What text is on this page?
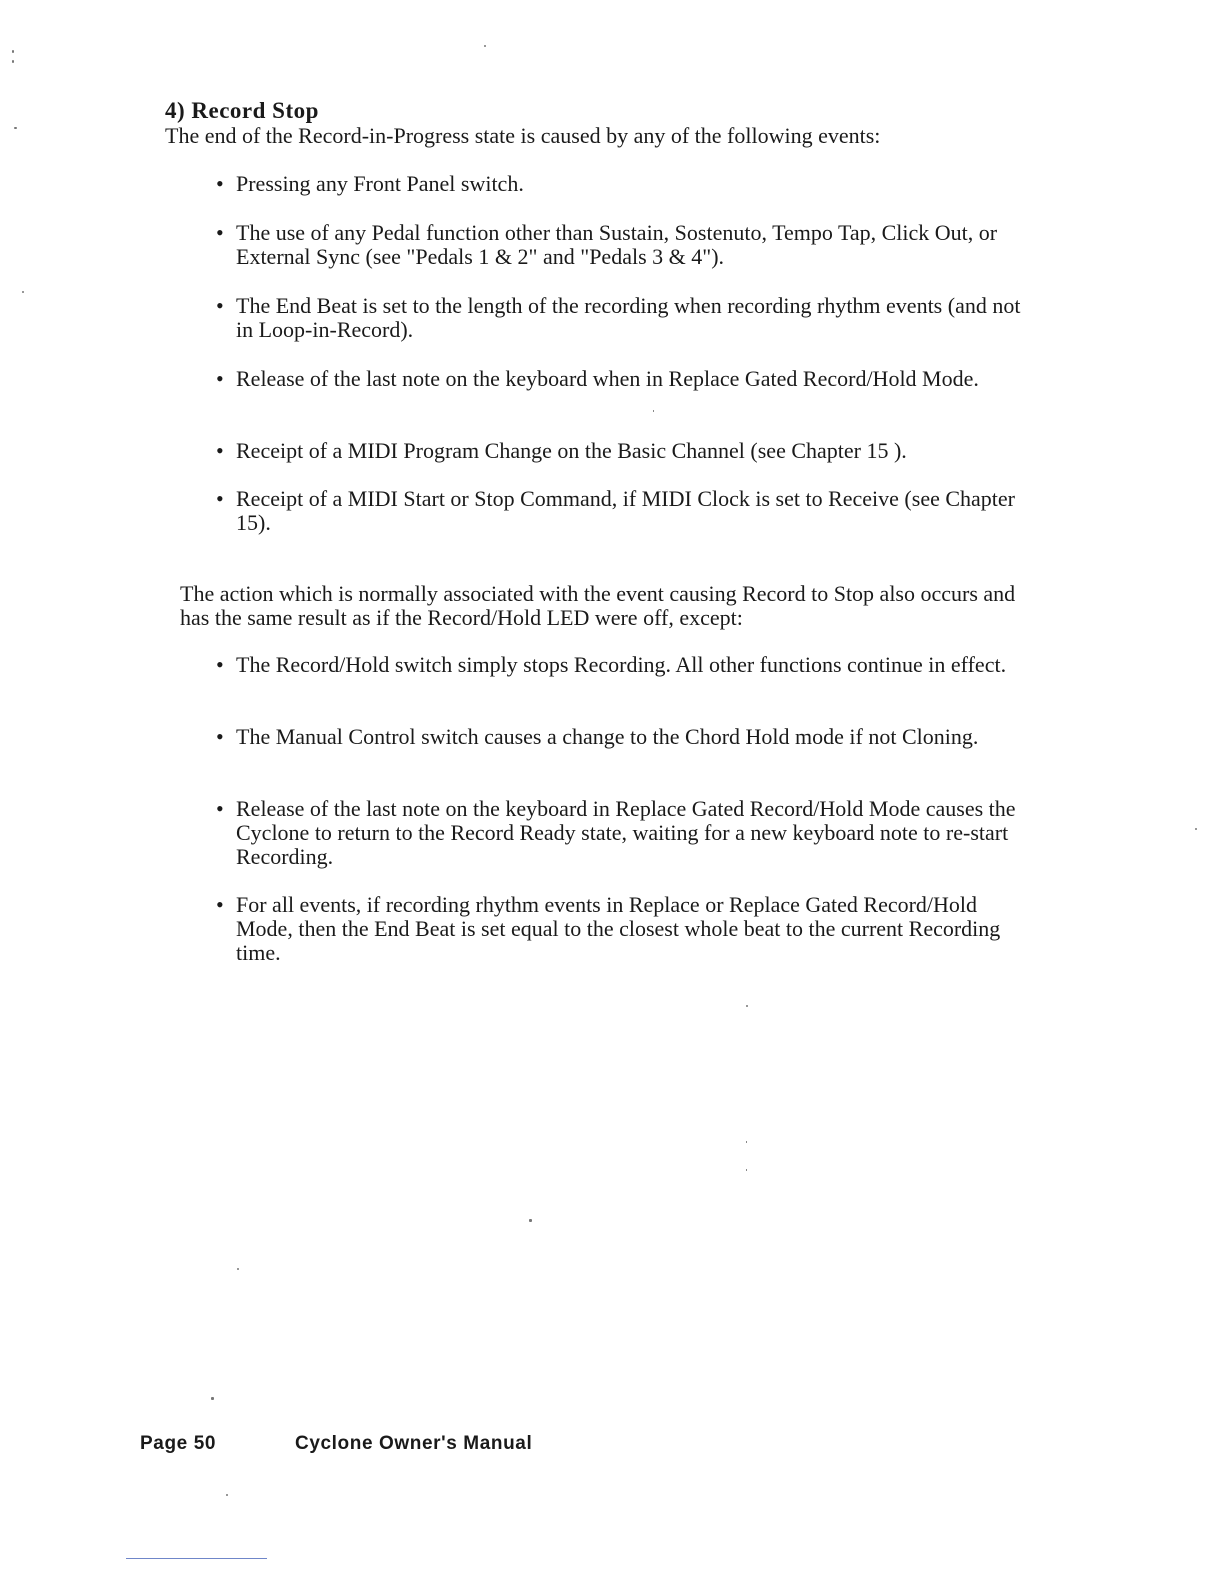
4) Record Stop
The end of the Record-in-Progress state is caused by any of the following events:
• Pressing any Front Panel switch.
• The use of any Pedal function other than Sustain, Sostenuto, Tempo Tap, Click Out, or External Sync (see "Pedals 1 & 2" and "Pedals 3 & 4").
• The End Beat is set to the length of the recording when recording rhythm events (and not in Loop-in-Record).
• Release of the last note on the keyboard when in Replace Gated Record/Hold Mode.
• Receipt of a MIDI Program Change on the Basic Channel (see Chapter 15 ).
• Receipt of a MIDI Start or Stop Command, if MIDI Clock is set to Receive (see Chapter 15).
The action which is normally associated with the event causing Record to Stop also occurs and has the same result as if the Record/Hold LED were off, except:
• The Record/Hold switch simply stops Recording. All other functions continue in effect.
• The Manual Control switch causes a change to the Chord Hold mode if not Cloning.
• Release of the last note on the keyboard in Replace Gated Record/Hold Mode causes the Cyclone to return to the Record Ready state, waiting for a new keyboard note to re-start Recording.
• For all events, if recording rhythm events in Replace or Replace Gated Record/Hold Mode, then the End Beat is set equal to the closest whole beat to the current Recording time.
Page 50	Cyclone Owner's Manual
